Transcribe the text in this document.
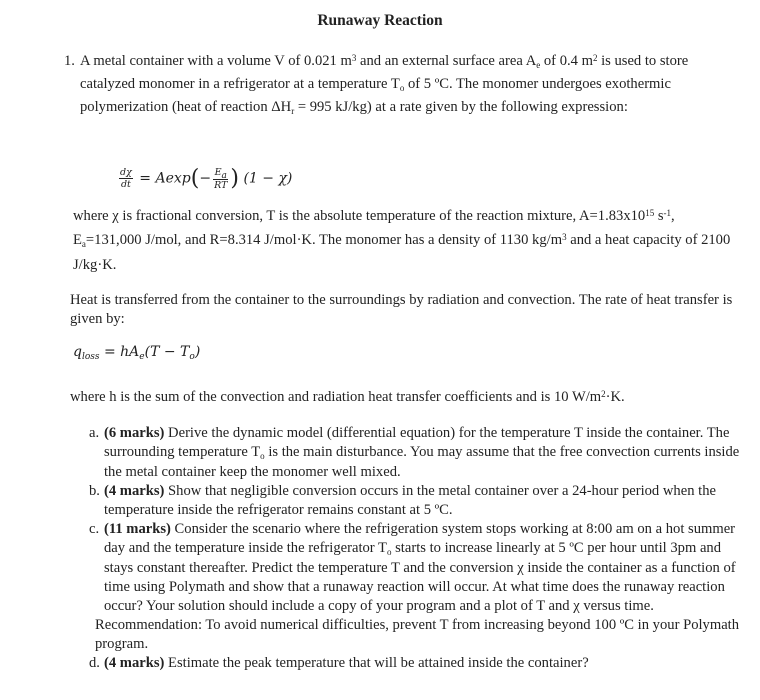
Runaway Reaction
1. A metal container with a volume V of 0.021 $m^3$ and an external surface area $A_e$ of 0.4 $m^2$ is used to store catalyzed monomer in a refrigerator at a temperature $T_o$ of 5 ºC. The monomer undergoes exothermic polymerization (heat of reaction $\Delta H_r = 995$ kJ/kg) at a rate given by the following expression:
$\frac{d\chi}{dt} = Aexp(- \frac{E_a}{RT}$ ) (1 − χ)
where χ is fractional conversion, T is the absolute temperature of the reaction mixture, $A=1.83x10^{15}$ $s^{-1}$, $E_a=131,000$ J/mol, and R=8.314 J/mol·K. The monomer has a density of 1130 $kg/m^3$ and a heat capacity of 2100 J/kg·K.
Heat is transferred from the container to the surroundings by radiation and convection. The rate of heat transfer is given by:
$q_{loss} = hA_e(T - T_o)$
where h is the sum of the convection and radiation heat transfer coefficients and is 10 $W/m^2\cdot K$.
a. (6 marks) Derive the dynamic model (differential equation) for the temperature T inside the container. The surrounding temperature $T_o$ is the main disturbance. You may assume that the free convection currents inside the metal container keep the monomer well mixed.
b. (4 marks) Show that negligible conversion occurs in the metal container over a 24-hour period when the temperature inside the refrigerator remains constant at 5 ºC.
c. (11 marks) Consider the scenario where the refrigeration system stops working at 8:00 am on a hot summer day and the temperature inside the refrigerator $T_o$ starts to increase linearly at 5 ºC per hour until 3pm and stays constant thereafter. Predict the temperature T and the conversion χ inside the container as a function of time using Polymath and show that a runaway reaction will occur. At what time does the runaway reaction occur? Your solution should include a copy of your program and a plot of T and χ versus time.
Recommendation: To avoid numerical difficulties, prevent T from increasing beyond 100 ºC in your Polymath program.
d. (4 marks) Estimate the peak temperature that will be attained inside the container?
